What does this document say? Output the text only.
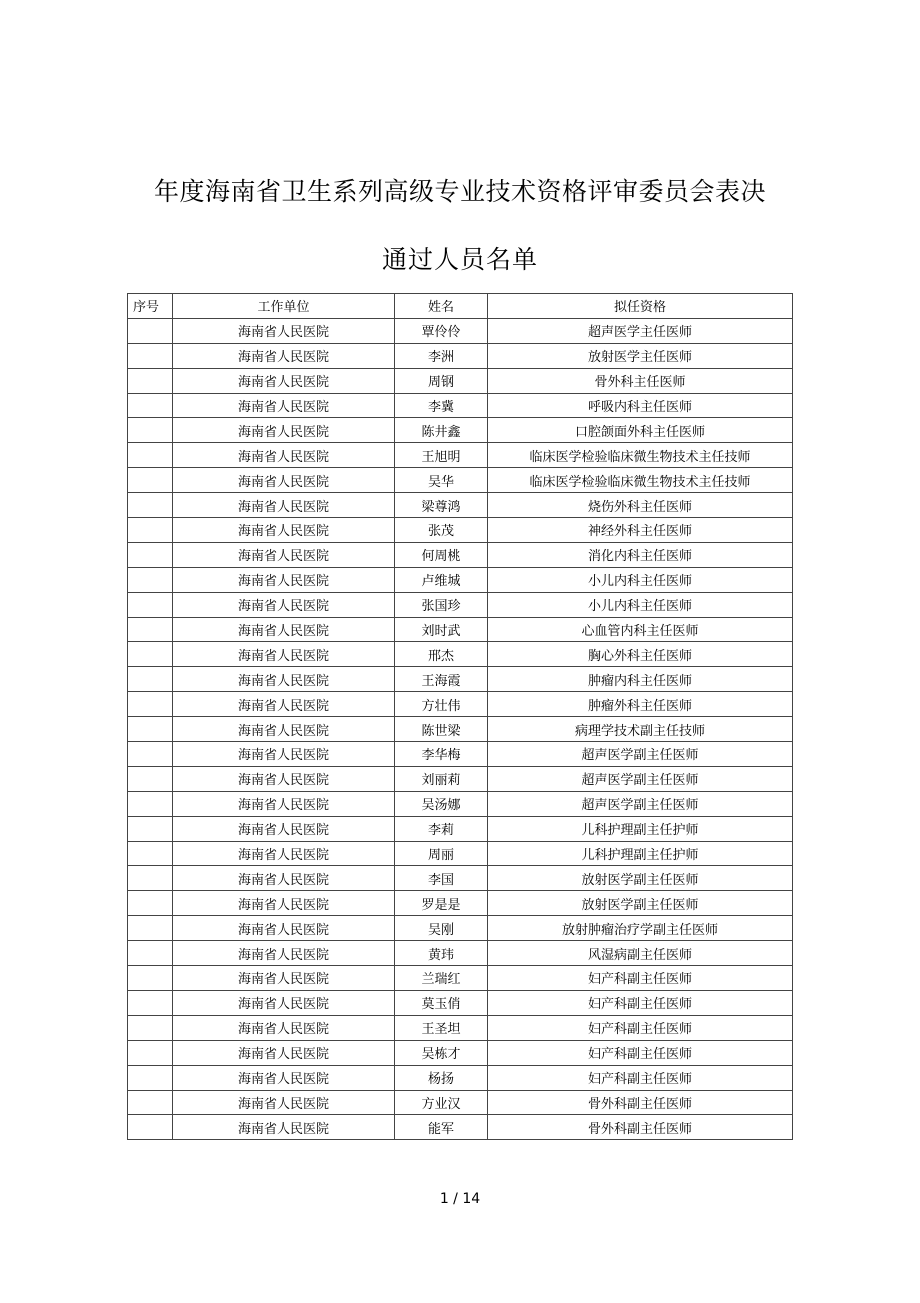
年度海南省卫生系列高级专业技术资格评审委员会表决
通过人员名单
序号	工作单位	姓名	拟任资格
	海南省人民医院	覃伶伶	超声医学主任医师
	海南省人民医院	李洲	放射医学主任医师
	海南省人民医院	周钢	骨外科主任医师
	海南省人民医院	李冀	呼吸内科主任医师
	海南省人民医院	陈井鑫	口腔颌面外科主任医师
	海南省人民医院	王旭明	临床医学检验临床微生物技术主任技师
	海南省人民医院	吴华	临床医学检验临床微生物技术主任技师
	海南省人民医院	梁尊鸿	烧伤外科主任医师
	海南省人民医院	张茂	神经外科主任医师
	海南省人民医院	何周桃	消化内科主任医师
	海南省人民医院	卢维城	小儿内科主任医师
	海南省人民医院	张国珍	小儿内科主任医师
	海南省人民医院	刘时武	心血管内科主任医师
	海南省人民医院	邢杰	胸心外科主任医师
	海南省人民医院	王海霞	肿瘤内科主任医师
	海南省人民医院	方壮伟	肿瘤外科主任医师
	海南省人民医院	陈世梁	病理学技术副主任技师
	海南省人民医院	李华梅	超声医学副主任医师
	海南省人民医院	刘丽莉	超声医学副主任医师
	海南省人民医院	吴汤娜	超声医学副主任医师
	海南省人民医院	李莉	儿科护理副主任护师
	海南省人民医院	周丽	儿科护理副主任护师
	海南省人民医院	李国	放射医学副主任医师
	海南省人民医院	罗是是	放射医学副主任医师
	海南省人民医院	吴刚	放射肿瘤治疗学副主任医师
	海南省人民医院	黄玮	风湿病副主任医师
	海南省人民医院	兰瑞红	妇产科副主任医师
	海南省人民医院	莫玉俏	妇产科副主任医师
	海南省人民医院	王圣坦	妇产科副主任医师
	海南省人民医院	吴栋才	妇产科副主任医师
	海南省人民医院	杨扬	妇产科副主任医师
	海南省人民医院	方业汉	骨外科副主任医师
	海南省人民医院	能军	骨外科副主任医师
1 / 14
